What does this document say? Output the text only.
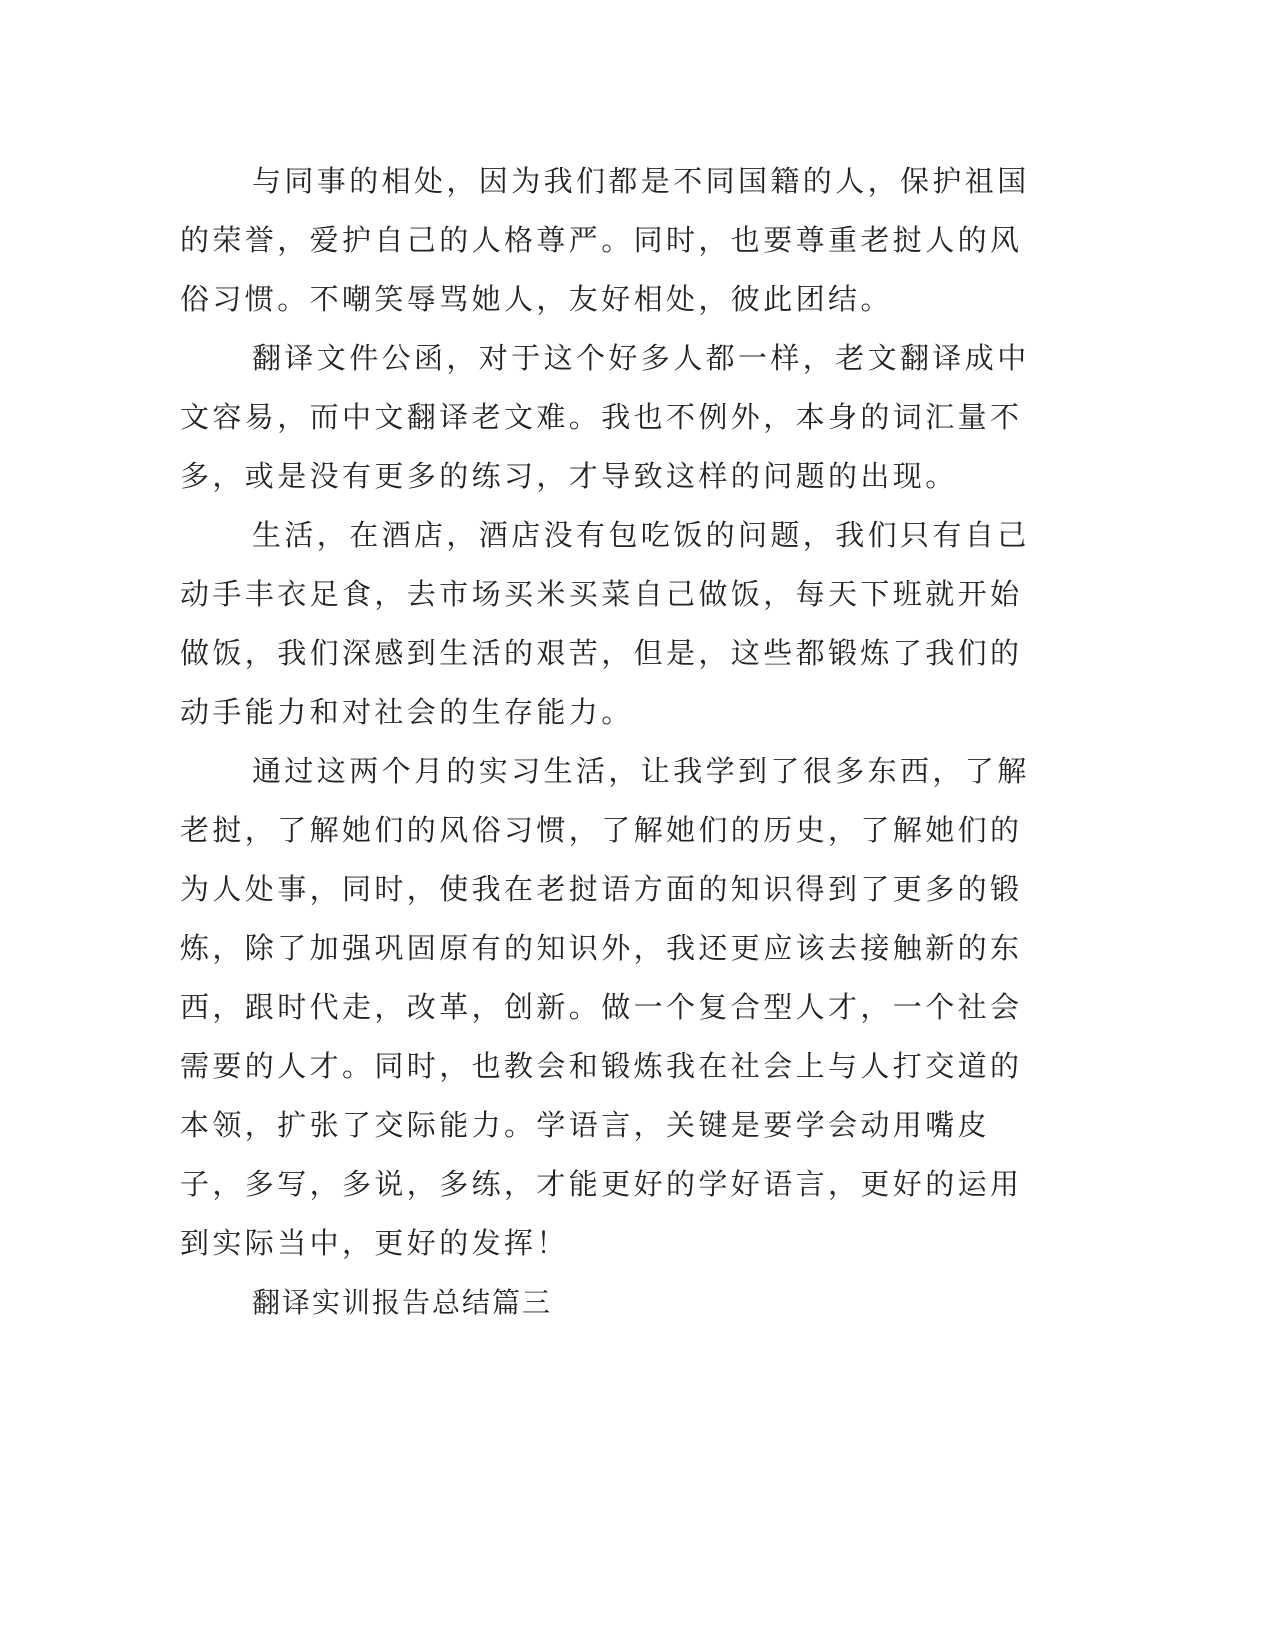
与同事的相处，因为我们都是不同国籍的人，保护祖国的荣誉，爱护自己的人格尊严。同时，也要尊重老挝人的风俗习惯。不嘲笑辱骂她人，友好相处，彼此团结。

翻译文件公函，对于这个好多人都一样，老文翻译成中文容易，而中文翻译老文难。我也不例外，本身的词汇量不多，或是没有更多的练习，才导致这样的问题的出现。

生活，在酒店，酒店没有包吃饭的问题，我们只有自己动手丰衣足食，去市场买米买菜自己做饭，每天下班就开始做饭，我们深感到生活的艰苦，但是，这些都锻炼了我们的动手能力和对社会的生存能力。

通过这两个月的实习生活，让我学到了很多东西，了解老挝，了解她们的风俗习惯，了解她们的历史，了解她们的为人处事，同时，使我在老挝语方面的知识得到了更多的锻炼，除了加强巩固原有的知识外，我还更应该去接触新的东西，跟时代走，改革，创新。做一个复合型人才，一个社会需要的人才。同时，也教会和锻炼我在社会上与人打交道的本领，扩张了交际能力。学语言，关键是要学会动用嘴皮子，多写，多说，多练，才能更好的学好语言，更好的运用到实际当中，更好的发挥！

翻译实训报告总结篇三
